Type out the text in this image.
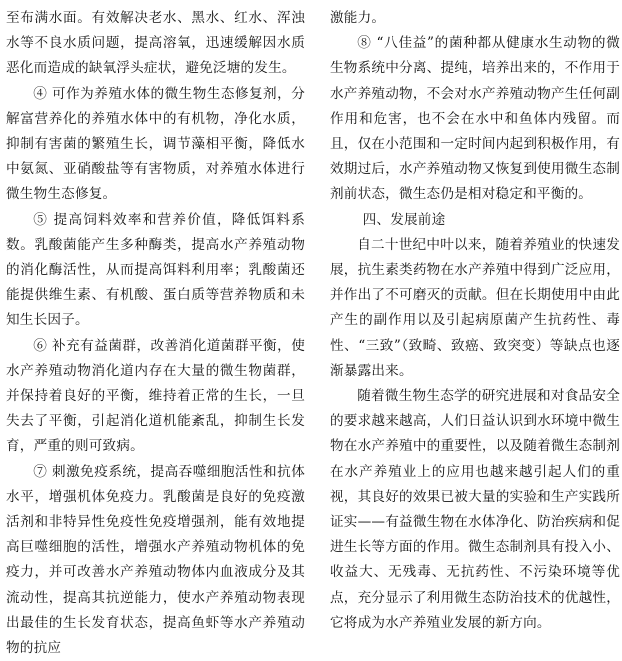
至布满水面。有效解决老水、黑水、红水、浑浊水等不良水质问题，提高溶氧，迅速缓解因水质恶化而造成的缺氧浮头症状，避免泛塘的发生。

④ 可作为养殖水体的微生物生态修复剂，分解富营养化的养殖水体中的有机物，净化水质，抑制有害菌的繁殖生长，调节藻相平衡，降低水中氨氮、亚硝酸盐等有害物质，对养殖水体进行微生物生态修复。

⑤ 提高饲料效率和营养价值，降低饵料系数。乳酸菌能产生多种酶类，提高水产养殖动物的消化酶活性，从而提高饵料利用率；乳酸菌还能提供维生素、有机酸、蛋白质等营养物质和未知生长因子。

⑥ 补充有益菌群，改善消化道菌群平衡，使水产养殖动物消化道内存在大量的微生物菌群，并保持着良好的平衡，维持着正常的生长，一旦失去了平衡，引起消化道机能紊乱，抑制生长发育，严重的则可致病。

⑦ 刺激免疫系统，提高吞噬细胞活性和抗体水平，增强机体免疫力。乳酸菌是良好的免疫激活剂和非特异性免疫性免疫增强剂，能有效地提高巨噬细胞的活性，增强水产养殖动物机体的免疫力，并可改善水产养殖动物体内血液成分及其流动性，提高其抗逆能力，使水产养殖动物表现出最佳的生长发育状态，提高鱼虾等水产养殖动物的抗应

激能力。

⑧ “八佳益”的菌种都从健康水生动物的微生物系统中分离、提纯，培养出来的，不作用于水产养殖动物，不会对水产养殖动物产生任何副作用和危害，也不会在水中和鱼体内残留。而且，仅在小范围和一定时间内起到积极作用，有效期过后，水产养殖动物又恢复到使用微生态制剂前状态，微生态仍是相对稳定和平衡的。

四、发展前途

自二十世纪中叶以来，随着养殖业的快速发展，抗生素类药物在水产养殖中得到广泛应用，并作出了不可磨灭的贡献。但在长期使用中由此产生的副作用以及引起病原菌产生抗药性、毒性、“三致”（致畸、致癌、致突变）等缺点也逐渐暴露出来。

随着微生物生态学的研究进展和对食品安全的要求越来越高，人们日益认识到水环境中微生物在水产养殖中的重要性，以及随着微生态制剂在水产养殖业上的应用也越来越引起人们的重视，其良好的效果已被大量的实验和生产实践所证实——有益微生物在水体净化、防治疾病和促进生长等方面的作用。微生态制剂具有投入小、收益大、无残毒、无抗药性、不污染环境等优点，充分显示了利用微生态防治技术的优越性，它将成为水产养殖业发展的新方向。
